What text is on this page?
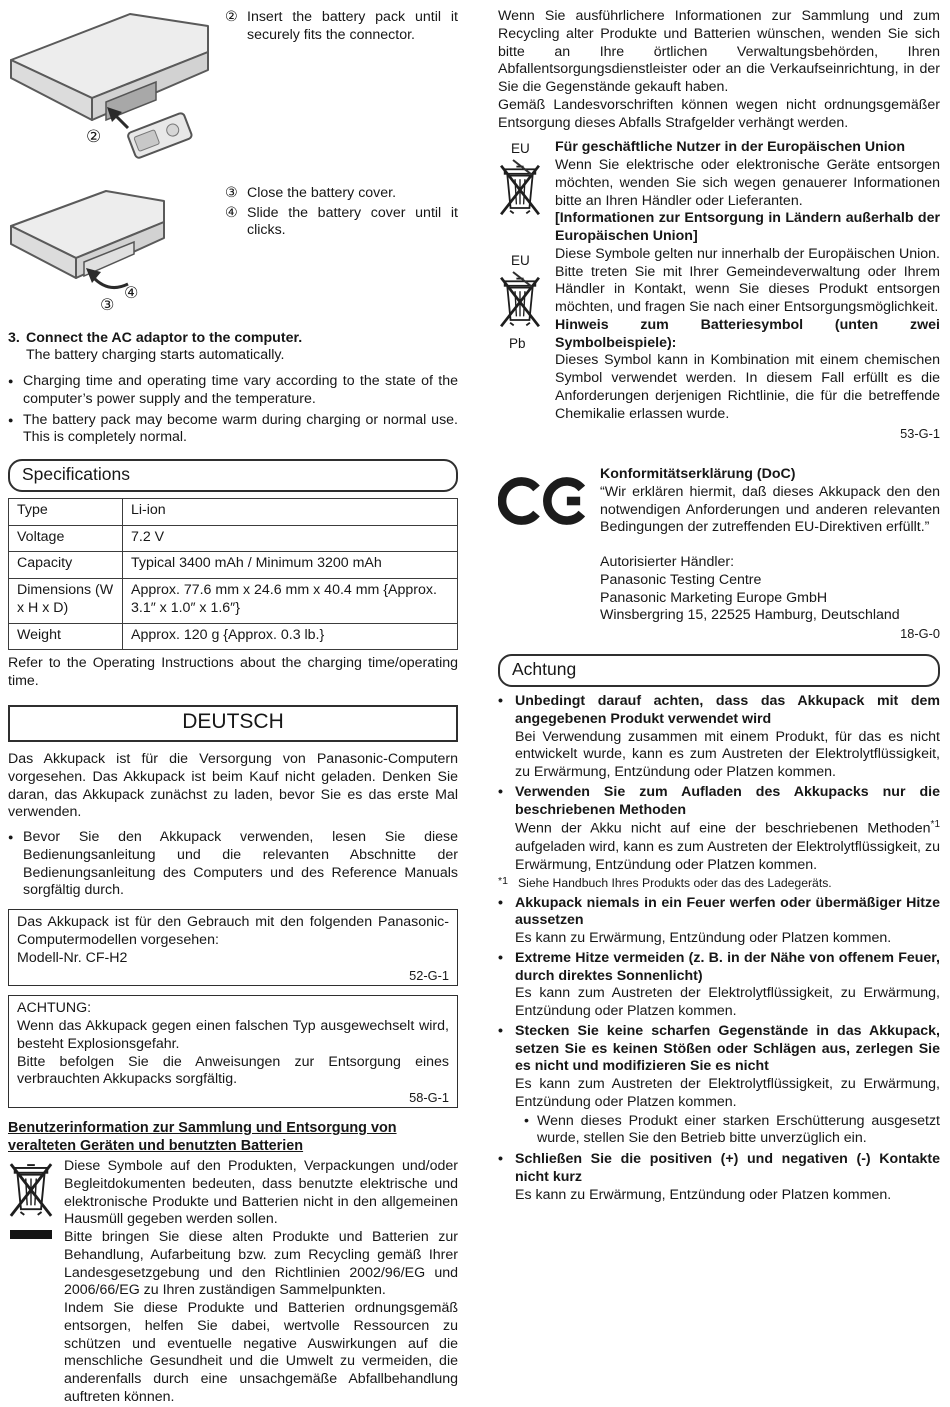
②
② Insert the battery pack until it securely fits the connector.
④
③
③ Close the battery cover.
④ Slide the battery cover until it clicks.
3. Connect the AC adaptor to the computer.
The battery charging starts automatically.
● Charging time and operating time vary according to the state of the computer’s power supply and the temperature.
● The battery pack may become warm during charging or normal use. This is completely normal.
Specifications
Type	Li-ion
Voltage	7.2 V
Capacity	Typical 3400 mAh / Minimum 3200 mAh
Dimensions (W x H x D)	Approx. 77.6 mm x 24.6 mm x 40.4 mm {Approx. 3.1″ x 1.0″ x 1.6″}
Weight	Approx. 120 g {Approx. 0.3 lb.}

Refer to the Operating Instructions about the charging time/operating time.

DEUTSCH

Das Akkupack ist für die Versorgung von Panasonic-Computern vorgesehen. Das Akkupack ist beim Kauf nicht geladen. Denken Sie daran, das Akkupack zunächst zu laden, bevor Sie es das erste Mal verwenden.

● Bevor Sie den Akkupack verwenden, lesen Sie diese Bedienungsanleitung und die relevanten Abschnitte der Bedienungsanleitung des Computers und des Reference Manuals sorgfältig durch.
Das Akkupack ist für den Gebrauch mit den folgenden Panasonic-Computermodellen vorgesehen:
Modell-Nr. CF-H2
52-G-1
ACHTUNG:
Wenn das Akkupack gegen einen falschen Typ ausgewechselt wird, besteht Explosionsgefahr.
Bitte befolgen Sie die Anweisungen zur Entsorgung eines verbrauchten Akkupacks sorgfältig.
58-G-1
Benutzerinformation zur Sammlung und Entsorgung von veralteten Geräten und benutzten Batterien

Diese Symbole auf den Produkten, Verpackungen und/oder Begleitdokumenten bedeuten, dass benutzte elektrische und elektronische Produkte und Batterien nicht in den allgemeinen Hausmüll gegeben werden sollen.

Bitte bringen Sie diese alten Produkte und Batterien zur Behandlung, Aufarbeitung bzw. zum Recycling gemäß Ihrer Landesgesetzgebung und den Richtlinien 2002/96/EG und 2006/66/EG zu Ihren zuständigen Sammelpunkten.

Indem Sie diese Produkte und Batterien ordnungsgemäß entsorgen, helfen Sie dabei, wertvolle Ressourcen zu schützen und eventuelle negative Auswirkungen auf die menschliche Gesundheit und die Umwelt zu vermeiden, die anderenfalls durch eine unsachgemäße Abfallbehandlung auftreten können.

Wenn Sie ausführlichere Informationen zur Sammlung und zum Recycling alter Produkte und Batterien wünschen, wenden Sie sich bitte an Ihre örtlichen Verwaltungsbehörden, Ihren Abfallentsorgungsdienstleister oder an die Verkaufseinrichtung, in der Sie die Gegenstände gekauft haben.

Gemäß Landesvorschriften können wegen nicht ordnungsgemäßer Entsorgung dieses Abfalls Strafgelder verhängt werden.

EU
EU
Pb
Für geschäftliche Nutzer in der Europäischen Union

Wenn Sie elektrische oder elektronische Geräte entsorgen möchten, wenden Sie sich wegen genauerer Informationen bitte an Ihren Händler oder Lieferanten.

[Informationen zur Entsorgung in Ländern außerhalb der Europäischen Union]

Diese Symbole gelten nur innerhalb der Europäischen Union. Bitte treten Sie mit Ihrer Gemeindeverwaltung oder Ihrem Händler in Kontakt, wenn Sie dieses Produkt entsorgen möchten, und fragen Sie nach einer Entsorgungsmöglichkeit.

Hinweis zum Batteriesymbol (unten zwei Symbolbeispiele):

Dieses Symbol kann in Kombination mit einem chemischen Symbol verwendet werden. In diesem Fall erfüllt es die Anforderungen derjenigen Richtlinie, die für die betreffende Chemikalie erlassen wurde.

53-G-1
Konformitätserklärung (DoC)

“Wir erklären hiermit, daß dieses Akkupack den den notwendigen Anforderungen und anderen relevanten Bedingungen der zutreffenden EU-Direktiven erfüllt.”

Autorisierter Händler:
Panasonic Testing Centre
Panasonic Marketing Europe GmbH
Winsbergring 15, 22525 Hamburg, Deutschland
18-G-0
Achtung
• Unbedingt darauf achten, dass das Akkupack mit dem angegebenen Produkt verwendet wird
Bei Verwendung zusammen mit einem Produkt, für das es nicht entwickelt wurde, kann es zum Austreten der Elektrolytflüssigkeit, zu Erwärmung, Entzündung oder Platzen kommen.
• Verwenden Sie zum Aufladen des Akkupacks nur die beschriebenen Methoden
Wenn der Akku nicht auf eine der beschriebenen Methoden$^{*1}$ aufgeladen wird, kann es zum Austreten der Elektrolytflüssigkeit, zu Erwärmung, Entzündung oder Platzen kommen.
*1 Siehe Handbuch Ihres Produkts oder das des Ladegeräts.
• Akkupack niemals in ein Feuer werfen oder übermäßiger Hitze aussetzen
Es kann zu Erwärmung, Entzündung oder Platzen kommen.
• Extreme Hitze vermeiden (z. B. in der Nähe von offenem Feuer, durch direktes Sonnenlicht)
Es kann zum Austreten der Elektrolytflüssigkeit, zu Erwärmung, Entzündung oder Platzen kommen.
• Stecken Sie keine scharfen Gegenstände in das Akkupack, setzen Sie es keinen Stößen oder Schlägen aus, zerlegen Sie es nicht und modifizieren Sie es nicht
Es kann zum Austreten der Elektrolytflüssigkeit, zu Erwärmung, Entzündung oder Platzen kommen.
• Wenn dieses Produkt einer starken Erschütterung ausgesetzt wurde, stellen Sie den Betrieb bitte unverzüglich ein.
• Schließen Sie die positiven (+) und negativen (-) Kontakte nicht kurz
Es kann zu Erwärmung, Entzündung oder Platzen kommen.
